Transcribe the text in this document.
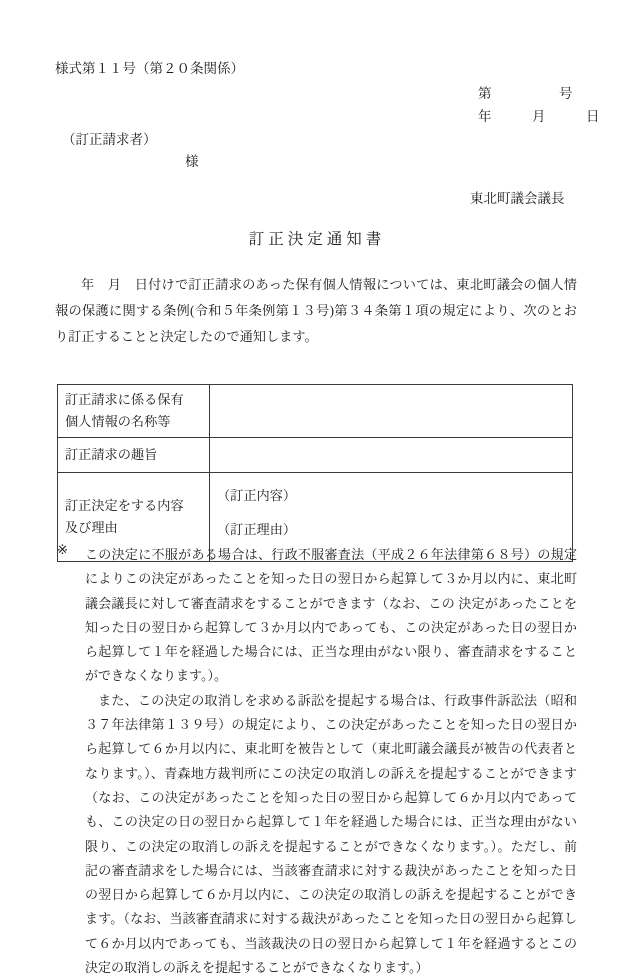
様式第１１号（第２０条関係）
第　　　　　号
年　　　月　　　日
（訂正請求者）
様
東北町議会議長
訂正決定通知書
年　月　日付けで訂正請求のあった保有個人情報については、東北町議会の個人情報の保護に関する条例(令和５年条例第１３号)第３４条第１項の規定により、次のとおり訂正することと決定したので通知します。
訂正請求に係る保有
個人情報の名称等	

訂正請求の趣旨	

訂正決定をする内容
及び理由	（訂正内容）
（訂正理由）
※	この決定に不服がある場合は、行政不服審査法（平成２６年法律第６８号）の規定によりこの決定があったことを知った日の翌日から起算して３か月以内に、東北町議会議長に対して審査請求をすることができます（なお、この 決定があったことを知った日の翌日から起算して３か月以内であっても、この決定があった日の翌日から起算して１年を経過した場合には、正当な理由がない限り、審査請求をすることができなくなります。）。

また、この決定の取消しを求める訴訟を提起する場合は、行政事件訴訟法（昭和３７年法律第１３９号）の規定により、この決定があったことを知った日の翌日から起算して６か月以内に、東北町を被告として（東北町議会議長が被告の代表者となります。）、青森地方裁判所にこの決定の取消しの訴えを提起することができます（なお、この決定があったことを知った日の翌日から起算して６か月以内であっても、この決定の日の翌日から起算して１年を経過した場合には、正当な理由がない限り、この決定の取消しの訴えを提起することができなくなります。）。ただし、前記の審査請求をした場合には、当該審査請求に対する裁決があったことを知った日の翌日から起算して６か月以内に、この決定の取消しの訴えを提起することができます。（なお、当該審査請求に対する裁決があったことを知った日の翌日から起算して６か月以内であっても、当該裁決の日の翌日から起算して１年を経過するとこの決定の取消しの訴えを提起することができなくなります。）
